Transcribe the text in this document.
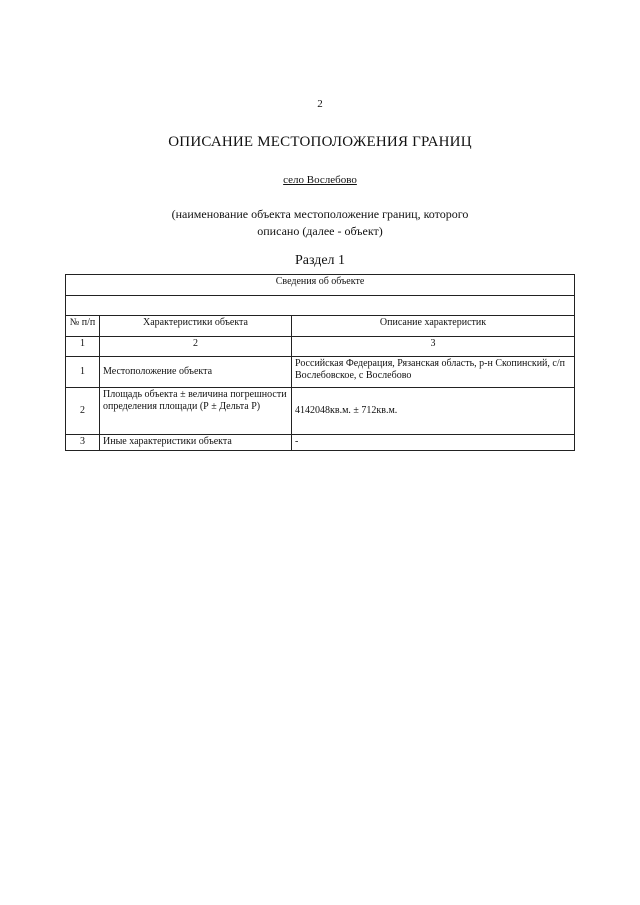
2
ОПИСАНИЕ МЕСТОПОЛОЖЕНИЯ ГРАНИЦ
село Вослебово
(наименование объекта местоположение границ, которого
описано (далее - объект)
Раздел 1
Сведения об объекте		

№ п/п	Характеристики объекта	Описание характеристик
1	2	3
1	Местоположение объекта	Российская Федерация, Рязанская область, р-н Скопинский, с/п Вослебовское, с Вослебово
2	Площадь объекта ± величина погрешности определения площади (Р ± Дельта Р)	4142048кв.м. ± 712кв.м.
3	Иные характеристики объекта	-
